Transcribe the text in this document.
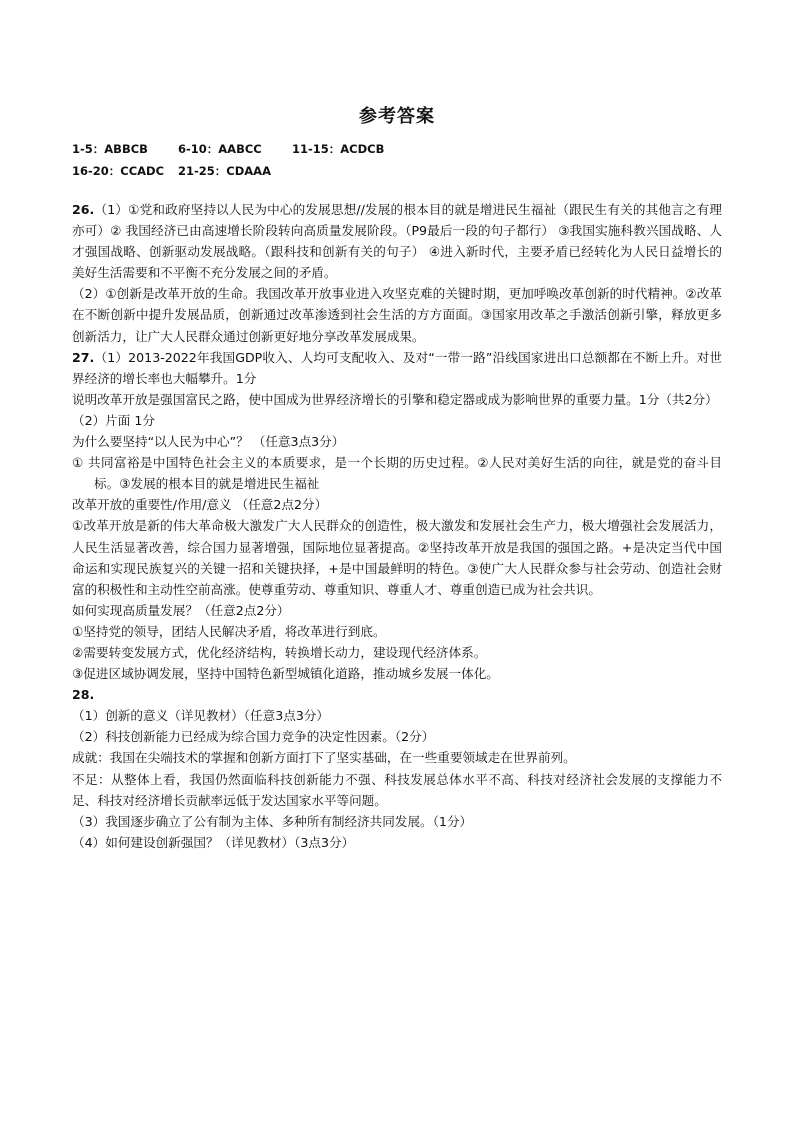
参考答案
1-5：ABBCB	6-10：AABCC	11-15：ACDCB
16-20：CCADC 21-25：CDAAA

26.（1）①党和政府坚持以人民为中心的发展思想//发展的根本目的就是增进民生福祉（跟民生有关的其他言之有理亦可）② 我国经济已由高速增长阶段转向高质量发展阶段。（P9最后一段的句子都行） ③我国实施科教兴国战略、人才强国战略、创新驱动发展战略。（跟科技和创新有关的句子） ④进入新时代，主要矛盾已经转化为人民日益增长的美好生活需要和不平衡不充分发展之间的矛盾。

（2）①创新是改革开放的生命。我国改革开放事业进入攻坚克难的关键时期，更加呼唤改革创新的时代精神。②改革在不断创新中提升发展品质，创新通过改革渗透到社会生活的方方面面。③国家用改革之手激活创新引擎，释放更多创新活力，让广大人民群众通过创新更好地分享改革发展成果。

27.（1）2013-2022年我国GDP收入、人均可支配收入、及对“一带一路”沿线国家进出口总额都在不断上升。对世界经济的增长率也大幅攀升。1分

说明改革开放是强国富民之路，使中国成为世界经济增长的引擎和稳定器或成为影响世界的重要力量。1分（共2分）

（2）片面 1分

为什么要坚持“以人民为中心”？ （任意3点3分）

① 共同富裕是中国特色社会主义的本质要求，是一个长期的历史过程。②人民对美好生活的向往，就是党的奋斗目标。③发展的根本目的就是增进民生福祉

改革开放的重要性/作用/意义 （任意2点2分）

①改革开放是新的伟大革命极大激发广大人民群众的创造性，极大激发和发展社会生产力，极大增强社会发展活力，人民生活显著改善，综合国力显著增强，国际地位显著提高。②坚持改革开放是我国的强国之路。+是决定当代中国命运和实现民族复兴的关键一招和关键抉择，+是中国最鲜明的特色。③使广大人民群众参与社会劳动、创造社会财富的积极性和主动性空前高涨。使尊重劳动、尊重知识、尊重人才、尊重创造已成为社会共识。

如何实现高质量发展？（任意2点2分）

①坚持党的领导，团结人民解决矛盾，将改革进行到底。

②需要转变发展方式，优化经济结构，转换增长动力，建设现代经济体系。

③促进区域协调发展，坚持中国特色新型城镇化道路，推动城乡发展一体化。

28.

（1）创新的意义（详见教材）（任意3点3分）

（2）科技创新能力已经成为综合国力竞争的决定性因素。（2分）

成就：我国在尖端技术的掌握和创新方面打下了坚实基础，在一些重要领域走在世界前列。

不足：从整体上看，我国仍然面临科技创新能力不强、科技发展总体水平不高、科技对经济社会发展的支撑能力不足、科技对经济增长贡献率远低于发达国家水平等问题。

（3）我国逐步确立了公有制为主体、多种所有制经济共同发展。（1分）

（4）如何建设创新强国？（详见教材）（3点3分）
